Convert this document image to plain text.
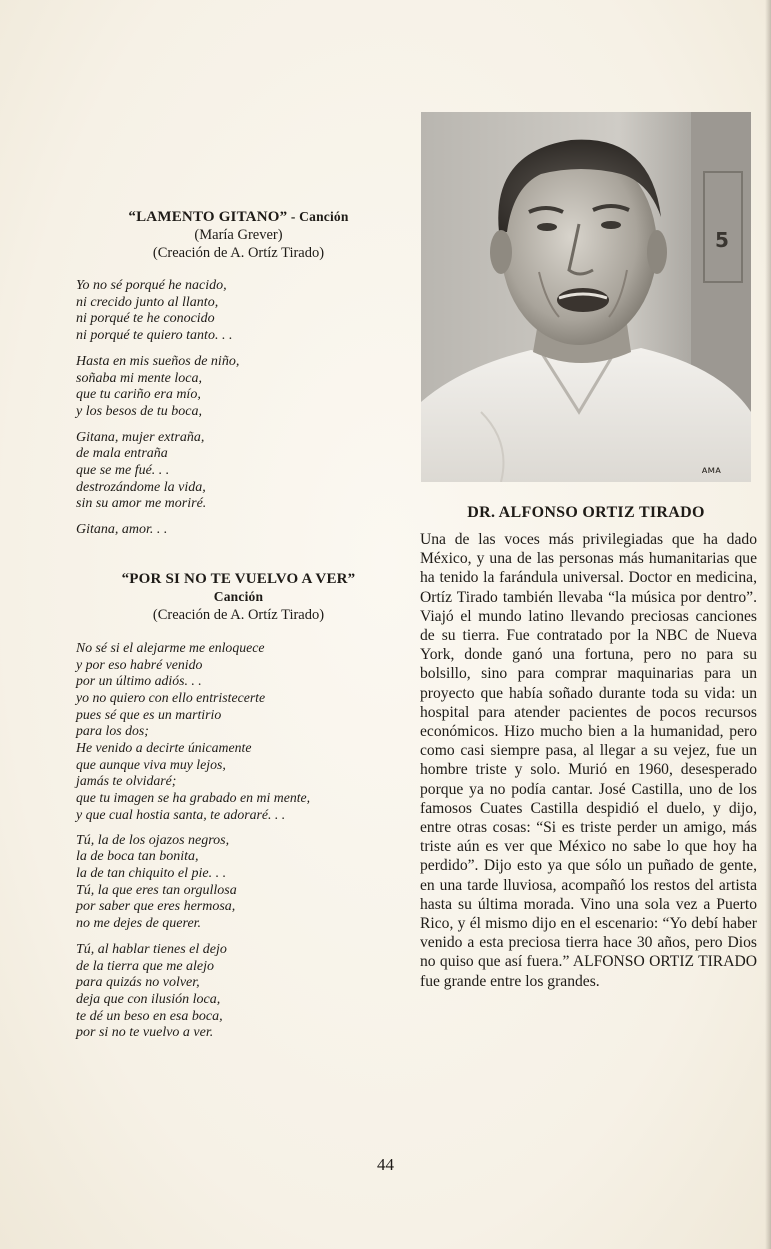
“LAMENTO GITANO” - Canción
(María Grever)
(Creación de A. Ortíz Tirado)

Yo no sé porqué he nacido,
ni crecido junto al llanto,
ni porqué te he conocido
ni porqué te quiero tanto. . .

Hasta en mis sueños de niño,
soñaba mi mente loca,
que tu cariño era mío,
y los besos de tu boca,

Gitana, mujer extraña,
de mala entraña
que se me fué. . .
destrozándome la vida,
sin su amor me moriré.

Gitana, amor. . .

“POR SI NO TE VUELVO A VER”
Canción
(Creación de A. Ortíz Tirado)

No sé si el alejarme me enloquece
y por eso habré venido
por un último adiós. . .
yo no quiero con ello entristecerte
pues sé que es un martirio
para los dos;
He venido a decirte únicamente
que aunque viva muy lejos,
jamás te olvidaré;
que tu imagen se ha grabado en mi mente,
y que cual hostia santa, te adoraré. . .

Tú, la de los ojazos negros,
la de boca tan bonita,
la de tan chiquito el pie. . .
Tú, la que eres tan orgullosa
por saber que eres hermosa,
no me dejes de querer.

Tú, al hablar tienes el dejo
de la tierra que me alejo
para quizás no volver,
deja que con ilusión loca,
te dé un beso en esa boca,
por si no te vuelvo a ver.

5
ᴀᴍᴀ
DR. ALFONSO ORTIZ TIRADO
Una de las voces más privilegiadas que ha dado México, y una de las personas más humanitarias que ha tenido la farándula universal. Doctor en medicina, Ortíz Tirado también llevaba “la música por dentro”. Viajó el mundo latino llevando preciosas canciones de su tierra. Fue contratado por la NBC de Nueva York, donde ganó una fortuna, pero no para su bolsillo, sino para comprar maquinarias para un proyecto que había soñado durante toda su vida: un hospital para atender pacientes de pocos recursos económicos. Hizo mucho bien a la humanidad, pero como casi siempre pasa, al llegar a su vejez, fue un hombre triste y solo. Murió en 1960, desesperado porque ya no podía cantar. José Castilla, uno de los famosos Cuates Castilla despidió el duelo, y dijo, entre otras cosas: “Si es triste perder un amigo, más triste aún es ver que México no sabe lo que hoy ha perdido”. Dijo esto ya que sólo un puñado de gente, en una tarde lluviosa, acompañó los restos del artista hasta su última morada. Vino una sola vez a Puerto Rico, y él mismo dijo en el escenario: “Yo debí haber venido a esta preciosa tierra hace 30 años, pero Dios no quiso que así fuera.” ALFONSO ORTIZ TIRADO fue grande entre los grandes.
44
